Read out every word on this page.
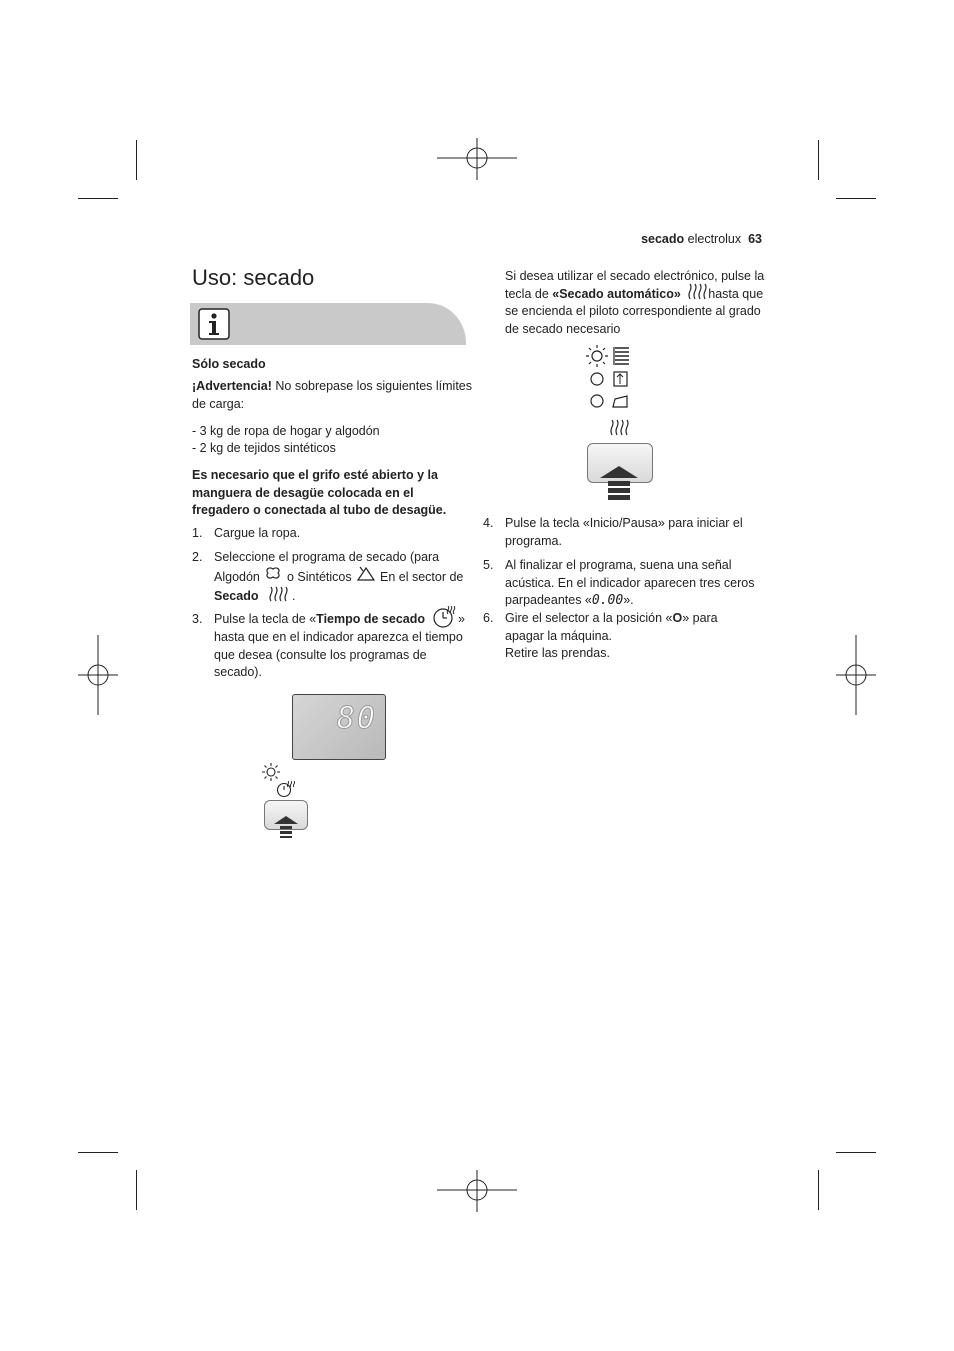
secado electrolux 63
Uso: secado
Sólo secado
¡Advertencia! No sobrepase los siguientes límites de carga:
- 3 kg de ropa de hogar y algodón
- 2 kg de tejidos sintéticos
Es necesario que el grifo esté abierto y la manguera de desagüe colocada en el fregadero o conectada al tubo de desagüe.
1. Cargue la ropa.
2. Seleccione el programa de secado (para
Algodón o Sintéticos En el sector de
Secado	.
3. Pulse la tecla de «Tiempo de secado	»
hasta que en el indicador aparezca el tiempo que desea (consulte los programas de secado).
80
Si desea utilizar el secado electrónico, pulse la tecla de «Secado automático» hasta que se encienda el piloto correspondiente al grado de secado necesario
4. Pulse la tecla «Inicio/Pausa» para iniciar el programa.
5. Al finalizar el programa, suena una señal acústica. En el indicador aparecen tres ceros parpadeantes «0.00».
6. Gire el selector a la posición «O» para apagar la máquina.
Retire las prendas.
